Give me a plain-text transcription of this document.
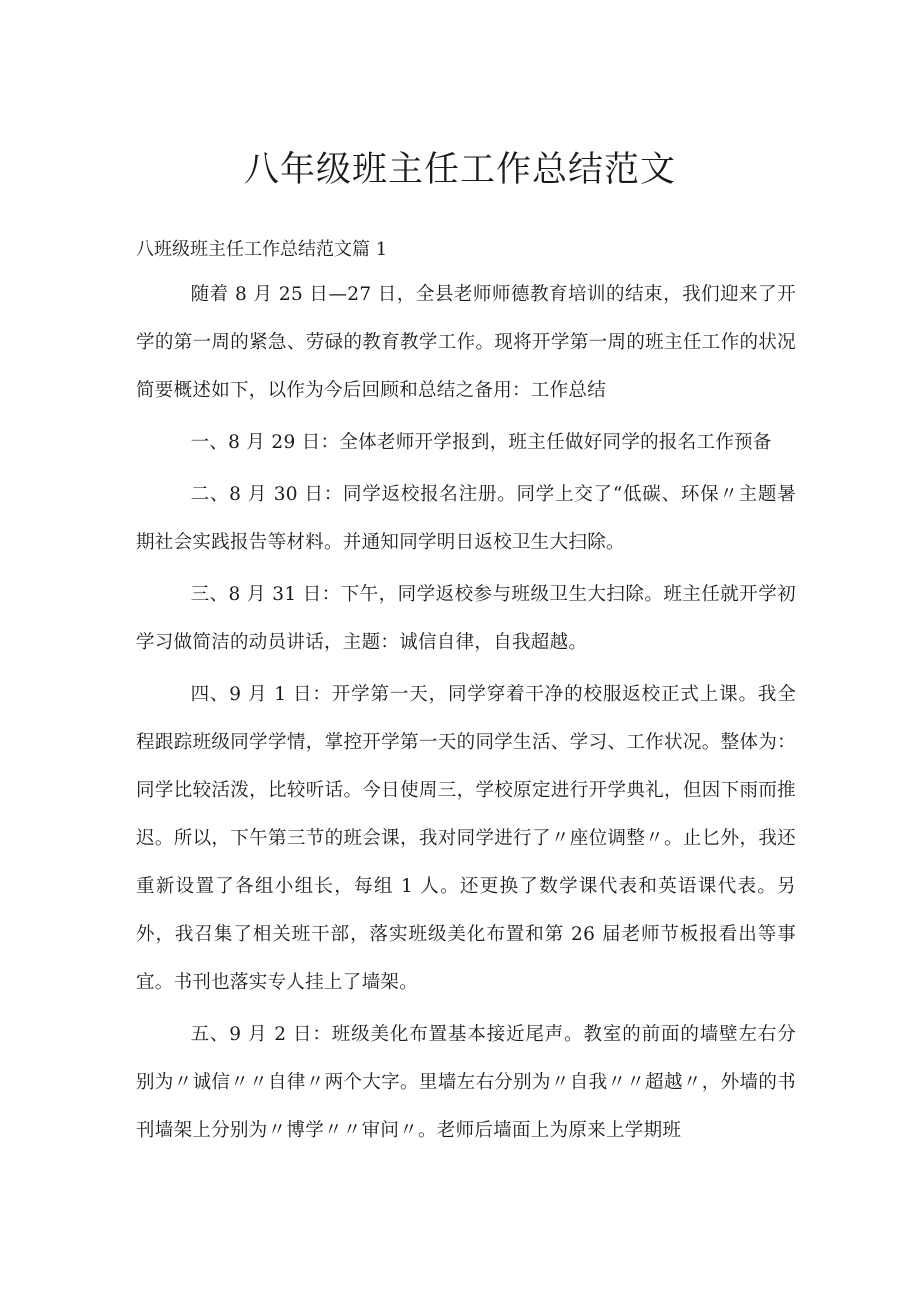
八年级班主任工作总结范文

八班级班主任工作总结范文篇 1

随着 8 月 25 日—27 日，全县老师师德教育培训的结束，我们迎来了开学的第一周的紧急、劳碌的教育教学工作。现将开学第一周的班主任工作的状况简要概述如下，以作为今后回顾和总结之备用：工作总结

一、8 月 29 日：全体老师开学报到，班主任做好同学的报名工作预备

二、8 月 30 日：同学返校报名注册。同学上交了“低碳、环保〃主题暑期社会实践报告等材料。并通知同学明日返校卫生大扫除。

三、8 月 31 日：下午，同学返校参与班级卫生大扫除。班主任就开学初学习做简洁的动员讲话，主题：诚信自律，自我超越。

四、9 月 1 日：开学第一天，同学穿着干净的校服返校正式上课。我全程跟踪班级同学学情，掌控开学第一天的同学生活、学习、工作状况。整体为：同学比较活泼，比较听话。今日使周三，学校原定进行开学典礼，但因下雨而推迟。所以，下午第三节的班会课，我对同学进行了〃座位调整〃。止匕外，我还重新设置了各组小组长，每组 1 人。还更换了数学课代表和英语课代表。另外，我召集了相关班干部，落实班级美化布置和第 26 届老师节板报看出等事宜。书刊也落实专人挂上了墙架。

五、9 月 2 日：班级美化布置基本接近尾声。教室的前面的墙壁左右分别为〃诚信〃〃自律〃两个大字。里墙左右分别为〃自我〃〃超越〃，外墙的书刊墙架上分别为〃博学〃〃审问〃。老师后墙面上为原来上学期班
